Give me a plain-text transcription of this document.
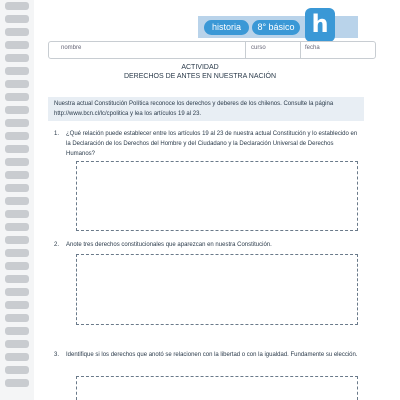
historia	8° básico h
nombre	curso	fecha
ACTIVIDAD
DERECHOS DE ANTES EN NUESTRA NACIÓN
Nuestra actual Constitución Política reconoce los derechos y deberes de los chilenos. Consulte la página http://www.bcn.cl/lc/cpolitica y lea los artículos 19 al 23.
1.	¿Qué relación puede establecer entre los artículos 19 al 23 de nuestra actual Constitución y lo establecido en la Declaración de los Derechos del Hombre y del Ciudadano y la Declaración Universal de Derechos Humanos?
2.	Anote tres derechos constitucionales que aparezcan en nuestra Constitución.
3.	Identifique si los derechos que anotó se relacionen con la libertad o con la igualdad. Fundamente su elección.
